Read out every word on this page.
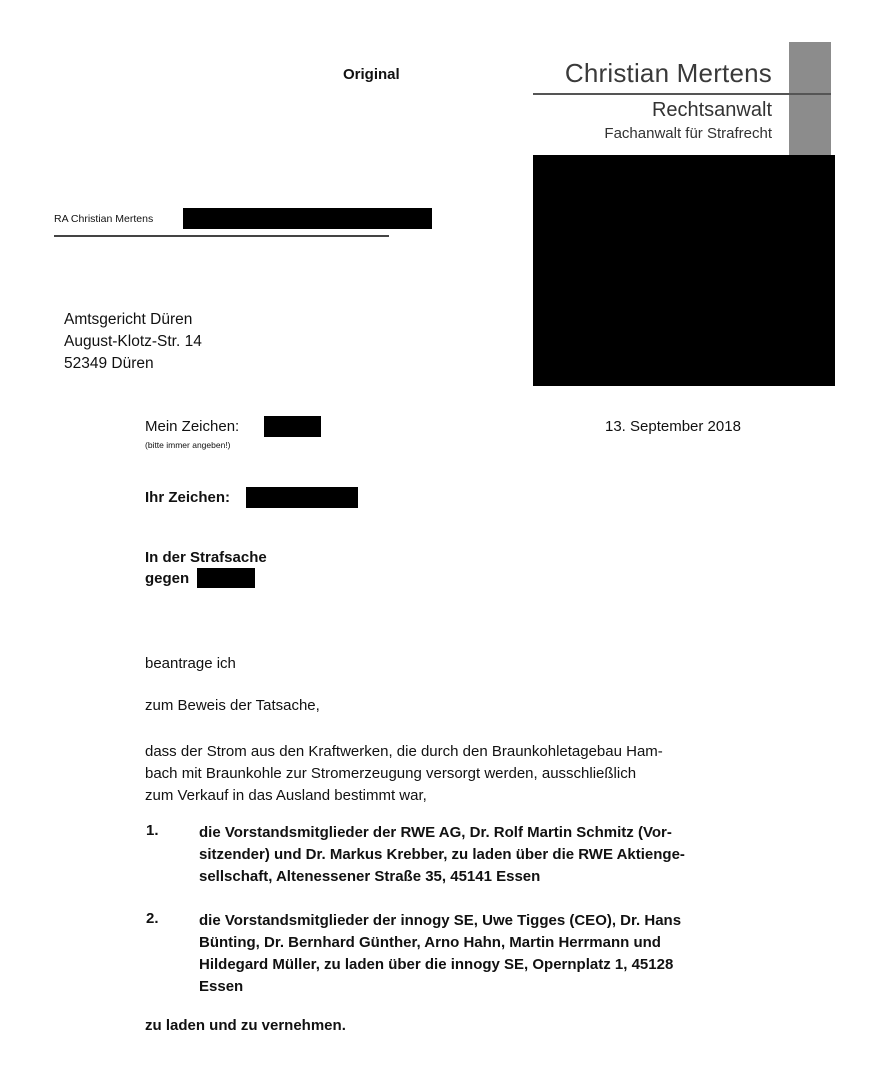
Original	Christian Mertens
Rechtsanwalt
Fachanwalt für Strafrecht
RA Christian Mertens
Amtsgericht Düren
August-Klotz-Str. 14
52349 Düren
Mein Zeichen:
(bitte immer angeben!)
13. September 2018
Ihr Zeichen:
In der Strafsache
gegen
beantrage ich
zum Beweis der Tatsache,
dass der Strom aus den Kraftwerken, die durch den Braunkohletagebau Ham-
bach mit Braunkohle zur Stromerzeugung versorgt werden, ausschließlich
zum Verkauf in das Ausland bestimmt war,
1.	die Vorstandsmitglieder der RWE AG, Dr. Rolf Martin Schmitz (Vor-
sitzender) und Dr. Markus Krebber, zu laden über die RWE Aktienge-
sellschaft, Altenessener Straße 35, 45141 Essen
2.	die Vorstandsmitglieder der innogy SE, Uwe Tigges (CEO), Dr. Hans
Bünting, Dr. Bernhard Günther, Arno Hahn, Martin Herrmann und
Hildegard Müller, zu laden über die innogy SE, Opernplatz 1, 45128
Essen
zu laden und zu vernehmen.
